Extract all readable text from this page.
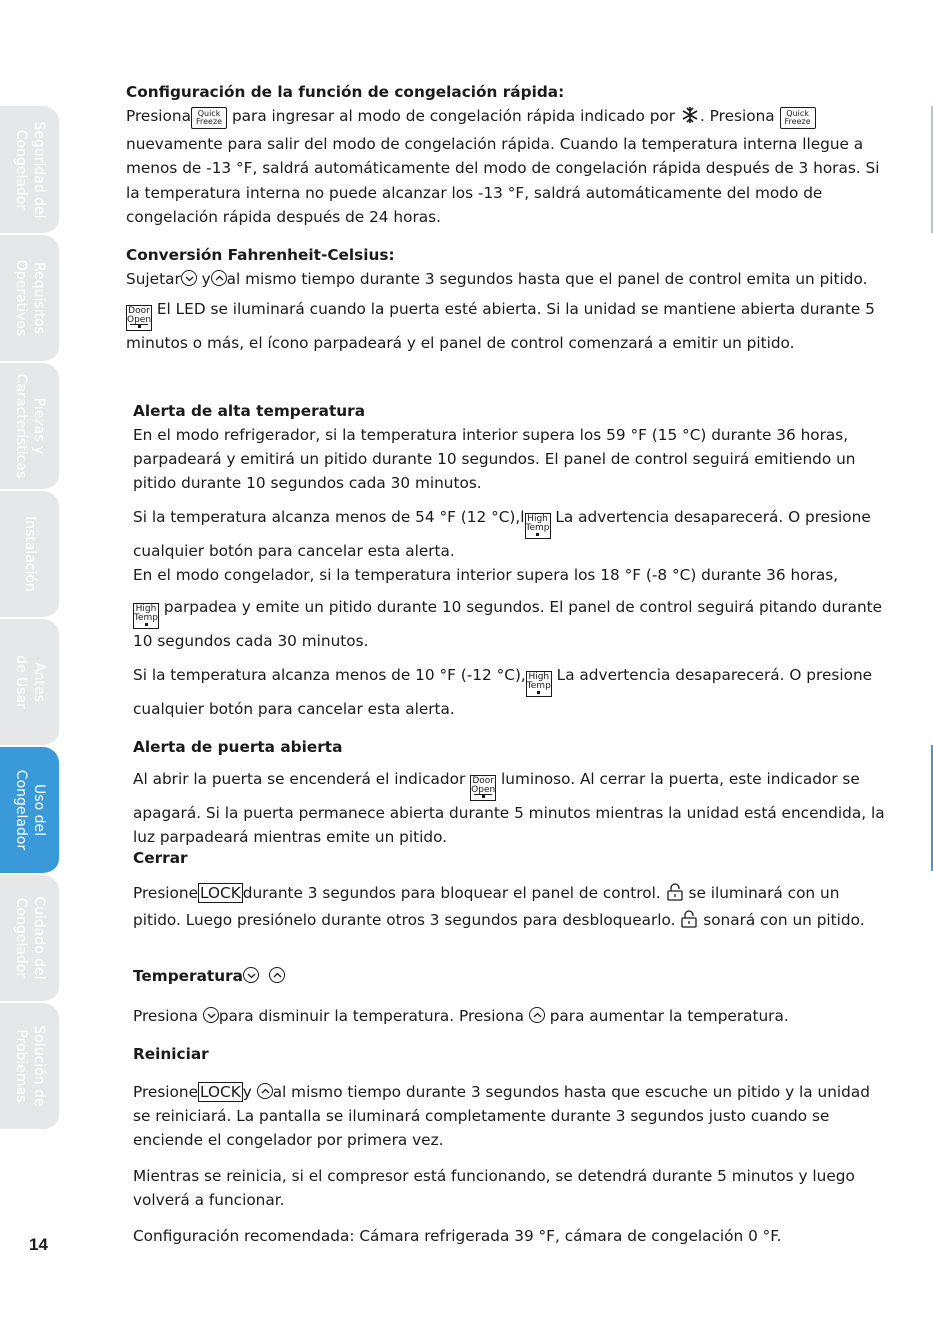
Seguridad del
Congelador
Requisitos
Operativos
Piezas y
Características
Instalación
Antes
de Usar
Uso del
Congelador
Cuidado del
Congelador
Solución de
Problemas
14
Configuración de la función de congelación rápida:
Presiona Quick
Freeze para ingresar al modo de congelación rápida indicado por . Presiona Quick
Freeze nuevamente para salir del modo de congelación rápida. Cuando la temperatura interna llegue a menos de -13 °F, saldrá automáticamente del modo de congelación rápida después de 3 horas. Si la temperatura interna no puede alcanzar los -13 °F, saldrá automáticamente del modo de congelación rápida después de 24 horas.
Conversión Fahrenheit-Celsius:
Sujetar y al mismo tiempo durante 3 segundos hasta que el panel de control emita un pitido.
Door
Open
El LED se iluminará cuando la puerta esté abierta. Si la unidad se mantiene abierta durante 5 minutos o más, el ícono parpadeará y el panel de control comenzará a emitir un pitido.
Alerta de alta temperatura
En el modo refrigerador, si la temperatura interior supera los 59 °F (15 °C) durante 36 horas, parpadeará y emitirá un pitido durante 10 segundos. El panel de control seguirá emitiendo un pitido durante 10 segundos cada 30 minutos.
Si la temperatura alcanza menos de 54 °F (12 °C),l High
Temp
La advertencia desaparecerá. O presione cualquier botón para cancelar esta alerta.
En el modo congelador, si la temperatura interior supera los 18 °F (-8 °C) durante 36 horas,
High
Temp
parpadea y emite un pitido durante 10 segundos. El panel de control seguirá pitando durante 10 segundos cada 30 minutos.
Si la temperatura alcanza menos de 10 °F (-12 °C), High
Temp
La advertencia desaparecerá. O presione cualquier botón para cancelar esta alerta.
Alerta de puerta abierta
Al abrir la puerta se encenderá el indicador Door
Open
luminoso. Al cerrar la puerta, este indicador se apagará. Si la puerta permanece abierta durante 5 minutos mientras la unidad está encendida, la luz parpadeará mientras emite un pitido.
Cerrar
Presione LOCK durante 3 segundos para bloquear el panel de control. se iluminará con un pitido. Luego presiónelo durante otros 3 segundos para desbloquearlo. sonará con un pitido.
Temperatura

Presiona para disminuir la temperatura. Presiona para aumentar la temperatura.
Reiniciar
Presione LOCK y al mismo tiempo durante 3 segundos hasta que escuche un pitido y la unidad se reiniciará. La pantalla se iluminará completamente durante 3 segundos justo cuando se enciende el congelador por primera vez.
Mientras se reinicia, si el compresor está funcionando, se detendrá durante 5 minutos y luego volverá a funcionar.
Configuración recomendada: Cámara refrigerada 39 °F, cámara de congelación 0 °F.
